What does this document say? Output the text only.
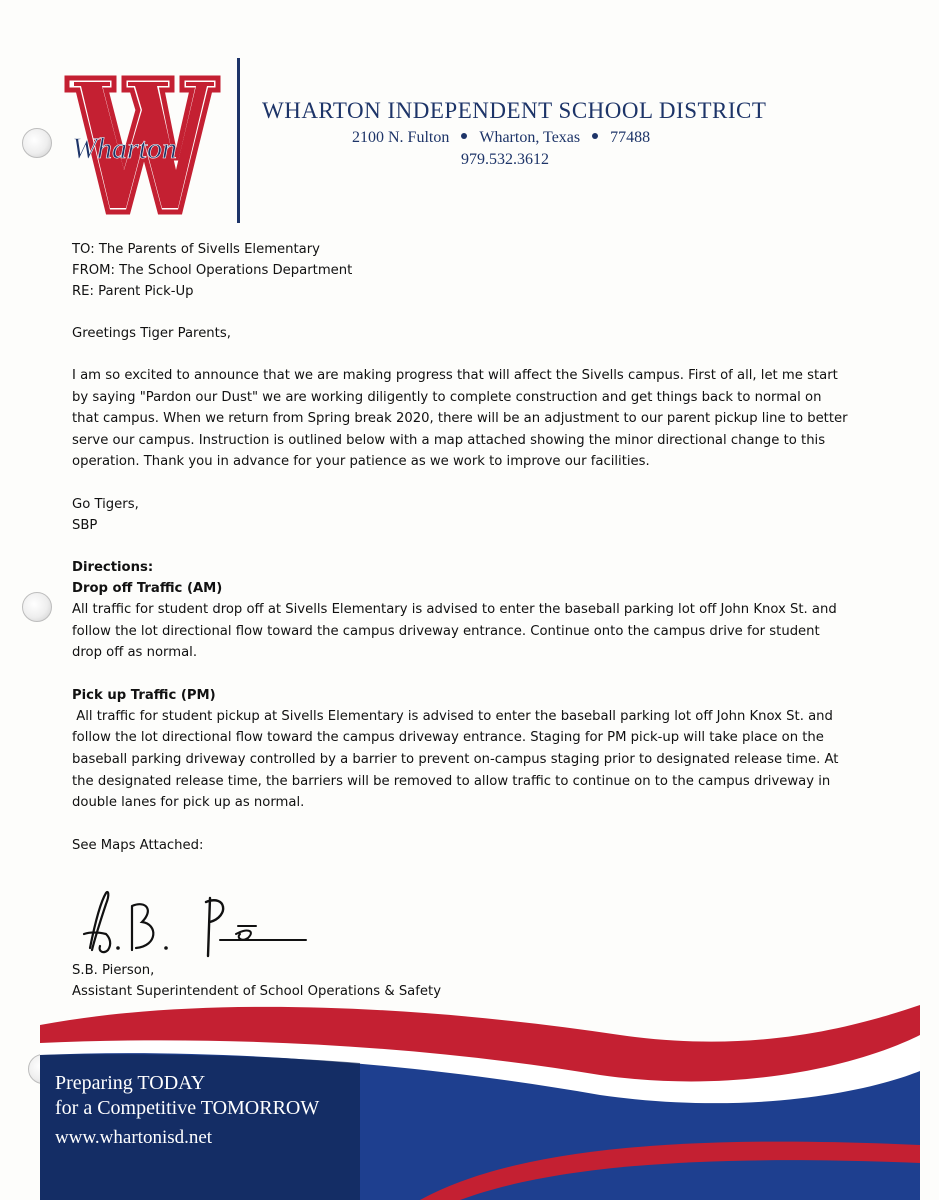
Wharton
WHARTON INDEPENDENT SCHOOL DISTRICT
2100 N. Fulton Wharton, Texas 77488
979.532.3612

TO: The Parents of Sivells Elementary

FROM: The School Operations Department

RE: Parent Pick-Up

Greetings Tiger Parents,

I am so excited to announce that we are making progress that will affect the Sivells campus. First of all, let me start by saying "Pardon our Dust" we are working diligently to complete construction and get things back to normal on that campus. When we return from Spring break 2020, there will be an adjustment to our parent pickup line to better serve our campus. Instruction is outlined below with a map attached showing the minor directional change to this operation. Thank you in advance for your patience as we work to improve our facilities.

Go Tigers,

SBP

Directions:

Drop off Traffic (AM)

All traffic for student drop off at Sivells Elementary is advised to enter the baseball parking lot off John Knox St. and follow the lot directional flow toward the campus driveway entrance. Continue onto the campus drive for student drop off as normal.

Pick up Traffic (PM)

All traffic for student pickup at Sivells Elementary is advised to enter the baseball parking lot off John Knox St. and follow the lot directional flow toward the campus driveway entrance. Staging for PM pick-up will take place on the baseball parking driveway controlled by a barrier to prevent on-campus staging prior to designated release time. At the designated release time, the barriers will be removed to allow traffic to continue on to the campus driveway in double lanes for pick up as normal.

See Maps Attached:

S.B. Pierson,
Assistant Superintendent of School Operations & Safety
Preparing TODAY
for a Competitive TOMORROW
www.whartonisd.net
